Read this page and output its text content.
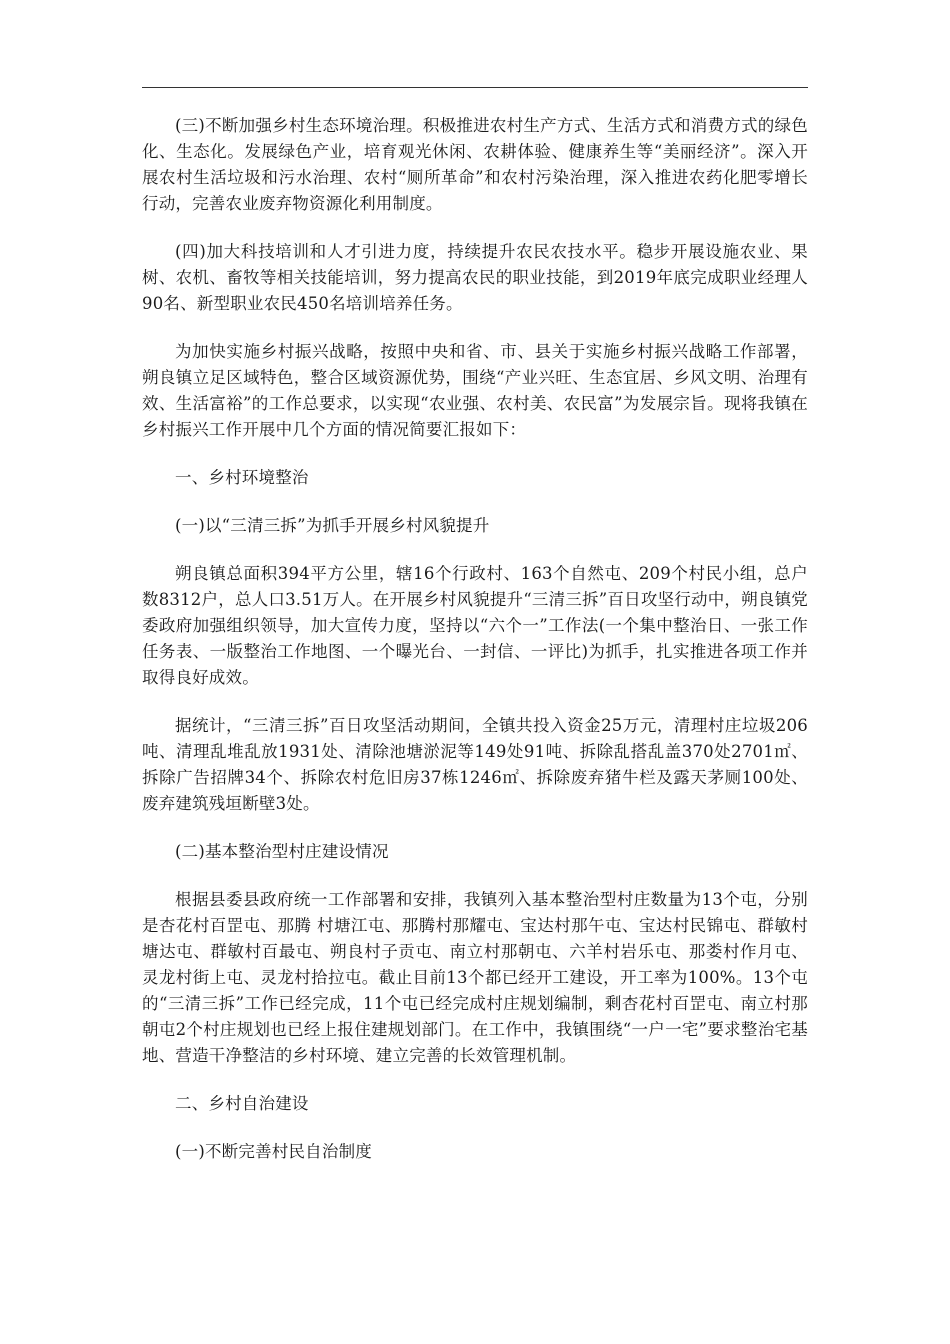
(三)不断加强乡村生态环境治理。积极推进农村生产方式、生活方式和消费方式的绿色化、生态化。发展绿色产业，培育观光休闲、农耕体验、健康养生等“美丽经济”。深入开展农村生活垃圾和污水治理、农村“厕所革命”和农村污染治理，深入推进农药化肥零增长行动，完善农业废弃物资源化利用制度。

(四)加大科技培训和人才引进力度，持续提升农民农技水平。稳步开展设施农业、果树、农机、畜牧等相关技能培训，努力提高农民的职业技能，到2019年底完成职业经理人90名、新型职业农民450名培训培养任务。

为加快实施乡村振兴战略，按照中央和省、市、县关于实施乡村振兴战略工作部署，朔良镇立足区域特色，整合区域资源优势，围绕“产业兴旺、生态宜居、乡风文明、治理有效、生活富裕”的工作总要求，以实现“农业强、农村美、农民富”为发展宗旨。现将我镇在乡村振兴工作开展中几个方面的情况简要汇报如下：

一、乡村环境整治

(一)以“三清三拆”为抓手开展乡村风貌提升

朔良镇总面积394平方公里，辖16个行政村、163个自然屯、209个村民小组，总户数8312户，总人口3.51万人。在开展乡村风貌提升“三清三拆”百日攻坚行动中，朔良镇党委政府加强组织领导，加大宣传力度，坚持以“六个一”工作法(一个集中整治日、一张工作任务表、一版整治工作地图、一个曝光台、一封信、一评比)为抓手，扎实推进各项工作并取得良好成效。

据统计，“三清三拆”百日攻坚活动期间，全镇共投入资金25万元，清理村庄垃圾206吨、清理乱堆乱放1931处、清除池塘淤泥等149处91吨、拆除乱搭乱盖370处2701㎡、拆除广告招牌34个、拆除农村危旧房37栋1246㎡、拆除废弃猪牛栏及露天茅厕100处、废弃建筑残垣断壁3处。

(二)基本整治型村庄建设情况

根据县委县政府统一工作部署和安排，我镇列入基本整治型村庄数量为13个屯，分别是杏花村百罡屯、那腾 村塘江屯、那腾村那耀屯、宝达村那午屯、宝达村民锦屯、群敏村塘达屯、群敏村百最屯、朔良村子贡屯、南立村那朝屯、六羊村岩乐屯、那娄村作月屯、灵龙村街上屯、灵龙村拾拉屯。截止目前13个都已经开工建设，开工率为100%。13个屯的“三清三拆”工作已经完成，11个屯已经完成村庄规划编制，剩杏花村百罡屯、南立村那朝屯2个村庄规划也已经上报住建规划部门。在工作中，我镇围绕“一户一宅”要求整治宅基地、营造干净整洁的乡村环境、建立完善的长效管理机制。

二、乡村自治建设

(一)不断完善村民自治制度
